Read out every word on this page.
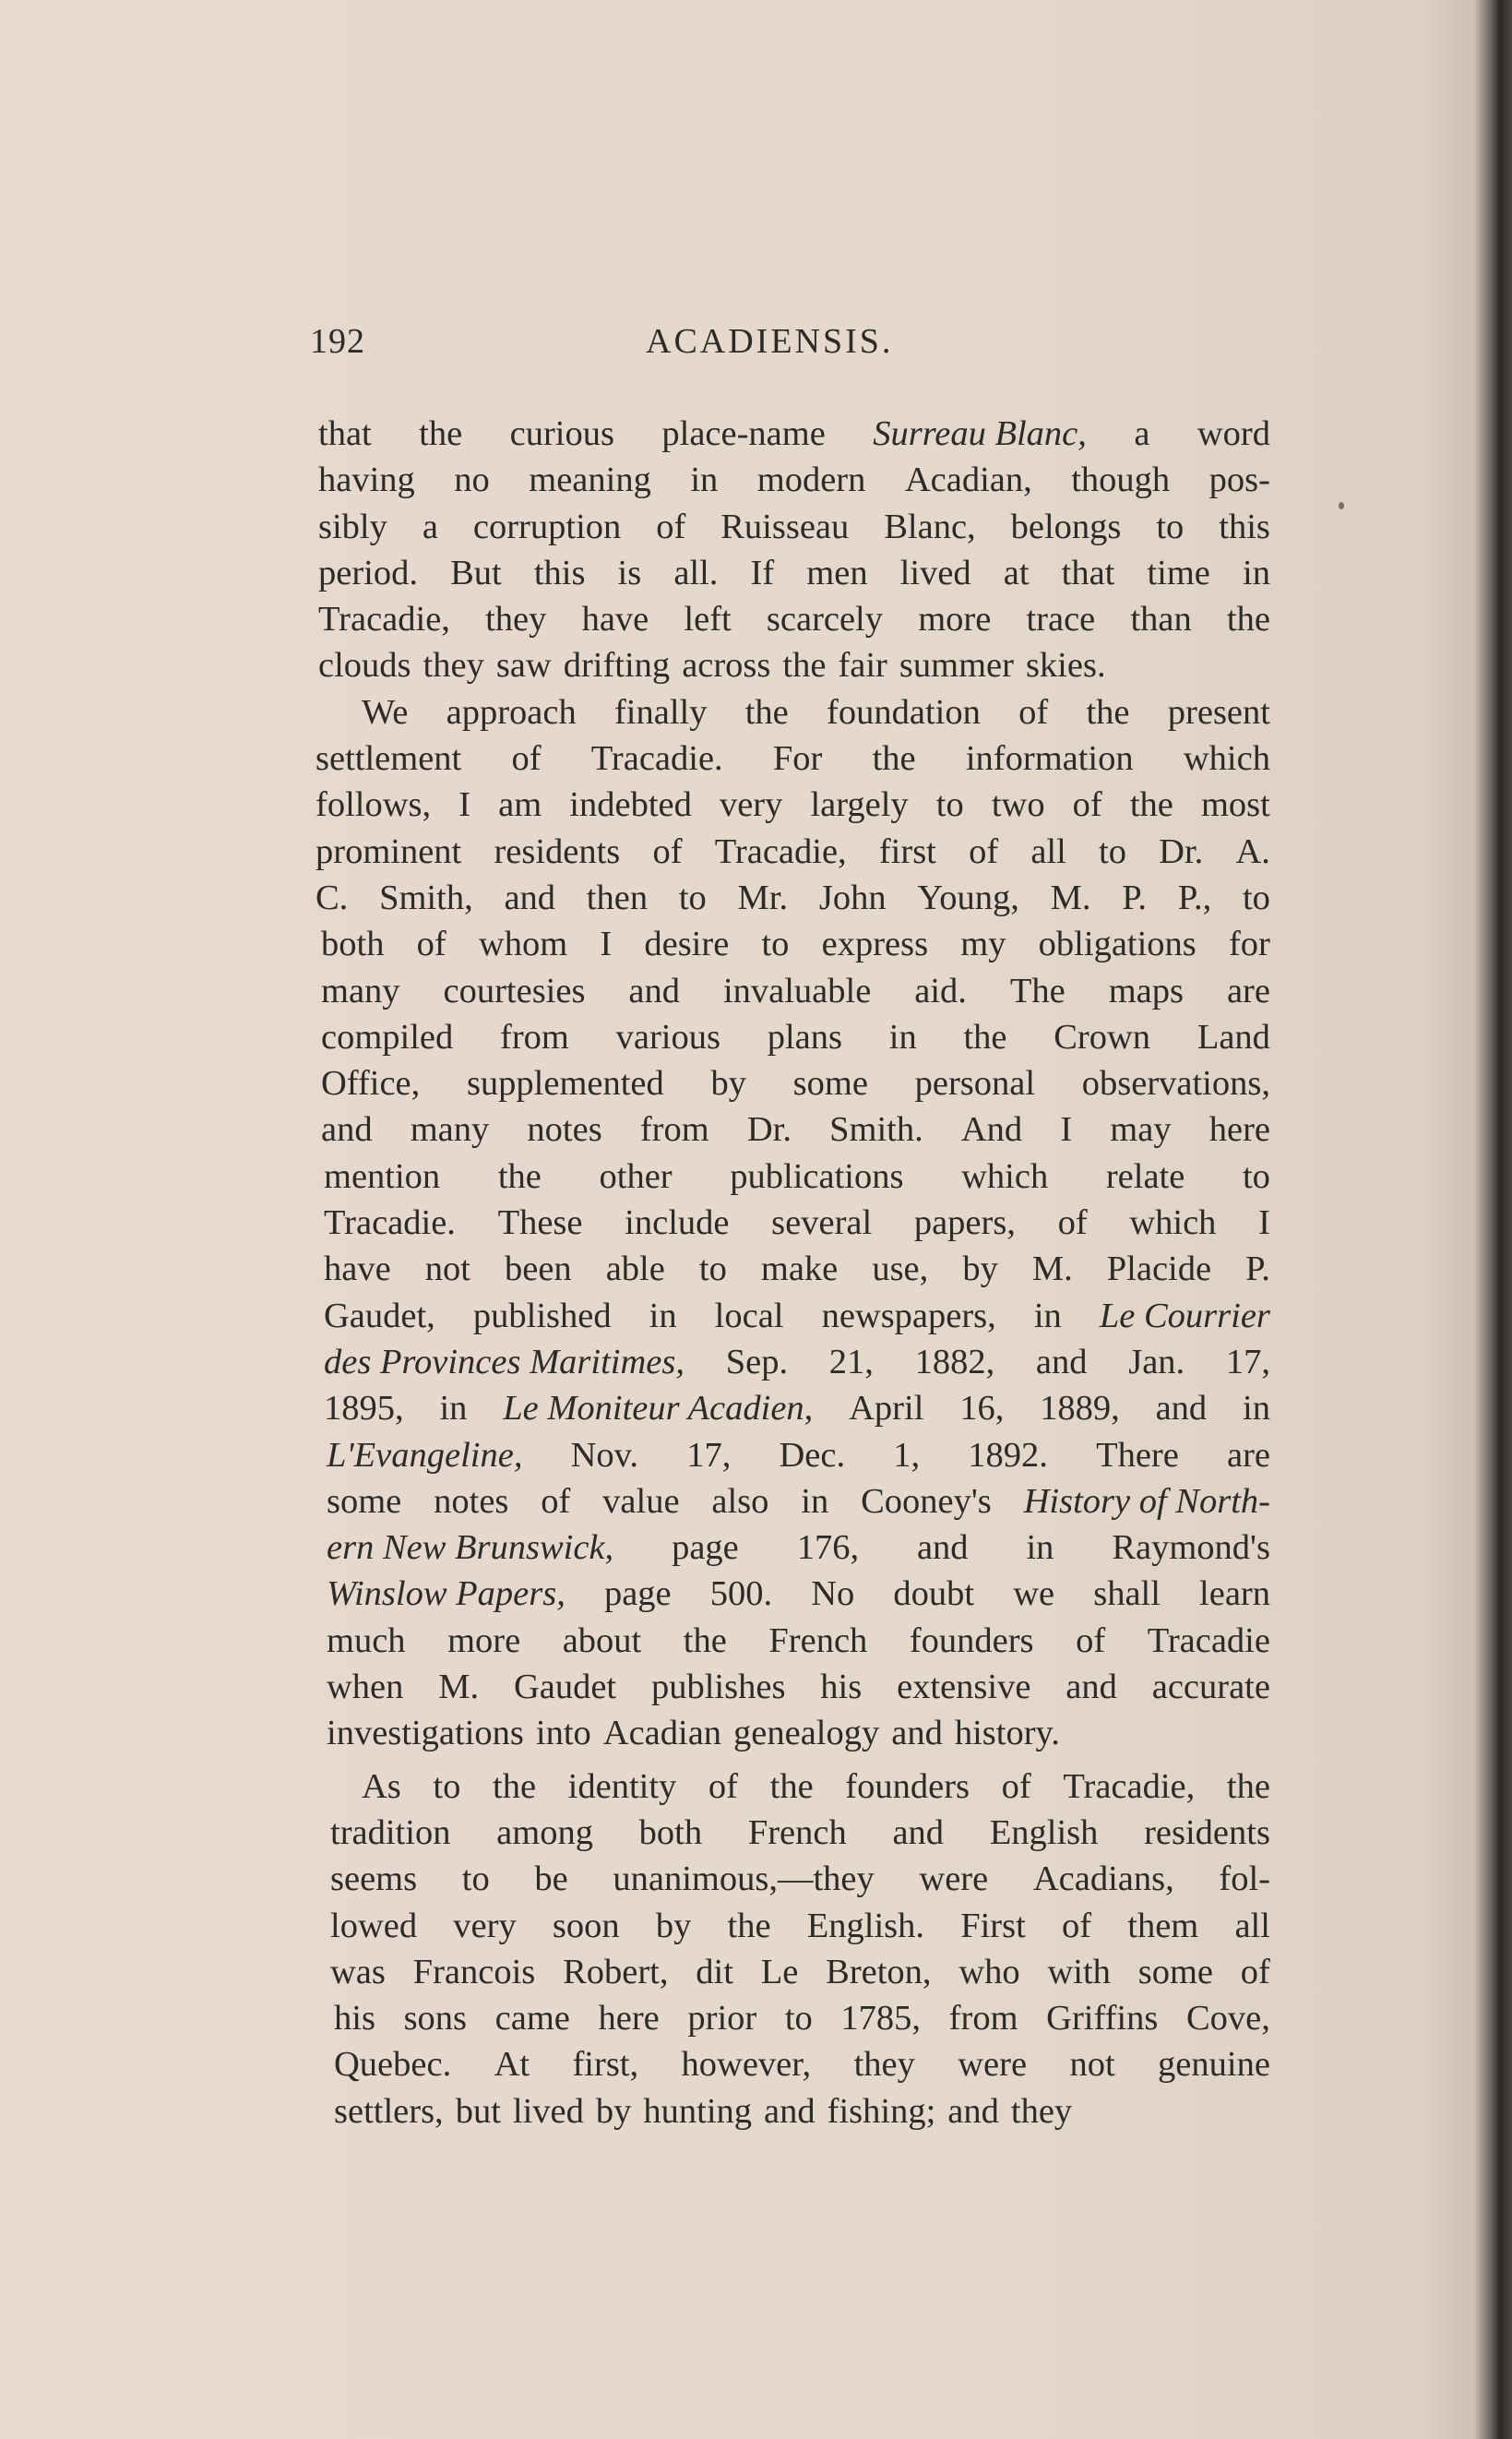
192	ACADIENSIS.
that the curious place-name Surreau Blanc, a word
having no meaning in modern Acadian, though pos-
sibly a corruption of Ruisseau Blanc, belongs to this
period. But this is all. If men lived at that time in
Tracadie, they have left scarcely more trace than the
clouds they saw drifting across the fair summer skies.
We approach finally the foundation of the present
settlement of Tracadie. For the information which
follows, I am indebted very largely to two of the most
prominent residents of Tracadie, first of all to Dr. A.
C. Smith, and then to Mr. John Young, M. P. P., to
both of whom I desire to express my obligations for
many courtesies and invaluable aid. The maps are
compiled from various plans in the Crown Land
Office, supplemented by some personal observations,
and many notes from Dr. Smith. And I may here
mention the other publications which relate to
Tracadie. These include several papers, of which I
have not been able to make use, by M. Placide P.
Gaudet, published in local newspapers, in Le Courrier
des Provinces Maritimes, Sep. 21, 1882, and Jan. 17,
1895, in Le Moniteur Acadien, April 16, 1889, and in
L'Evangeline, Nov. 17, Dec. 1, 1892. There are
some notes of value also in Cooney's History of North-
ern New Brunswick, page 176, and in Raymond's
Winslow Papers, page 500. No doubt we shall learn
much more about the French founders of Tracadie
when M. Gaudet publishes his extensive and accurate
investigations into Acadian genealogy and history.
As to the identity of the founders of Tracadie, the
tradition among both French and English residents
seems to be unanimous,—they were Acadians, fol-
lowed very soon by the English. First of them all
was Francois Robert, dit Le Breton, who with some of
his sons came here prior to 1785, from Griffins Cove,
Quebec. At first, however, they were not genuine
settlers, but lived by hunting and fishing; and they
